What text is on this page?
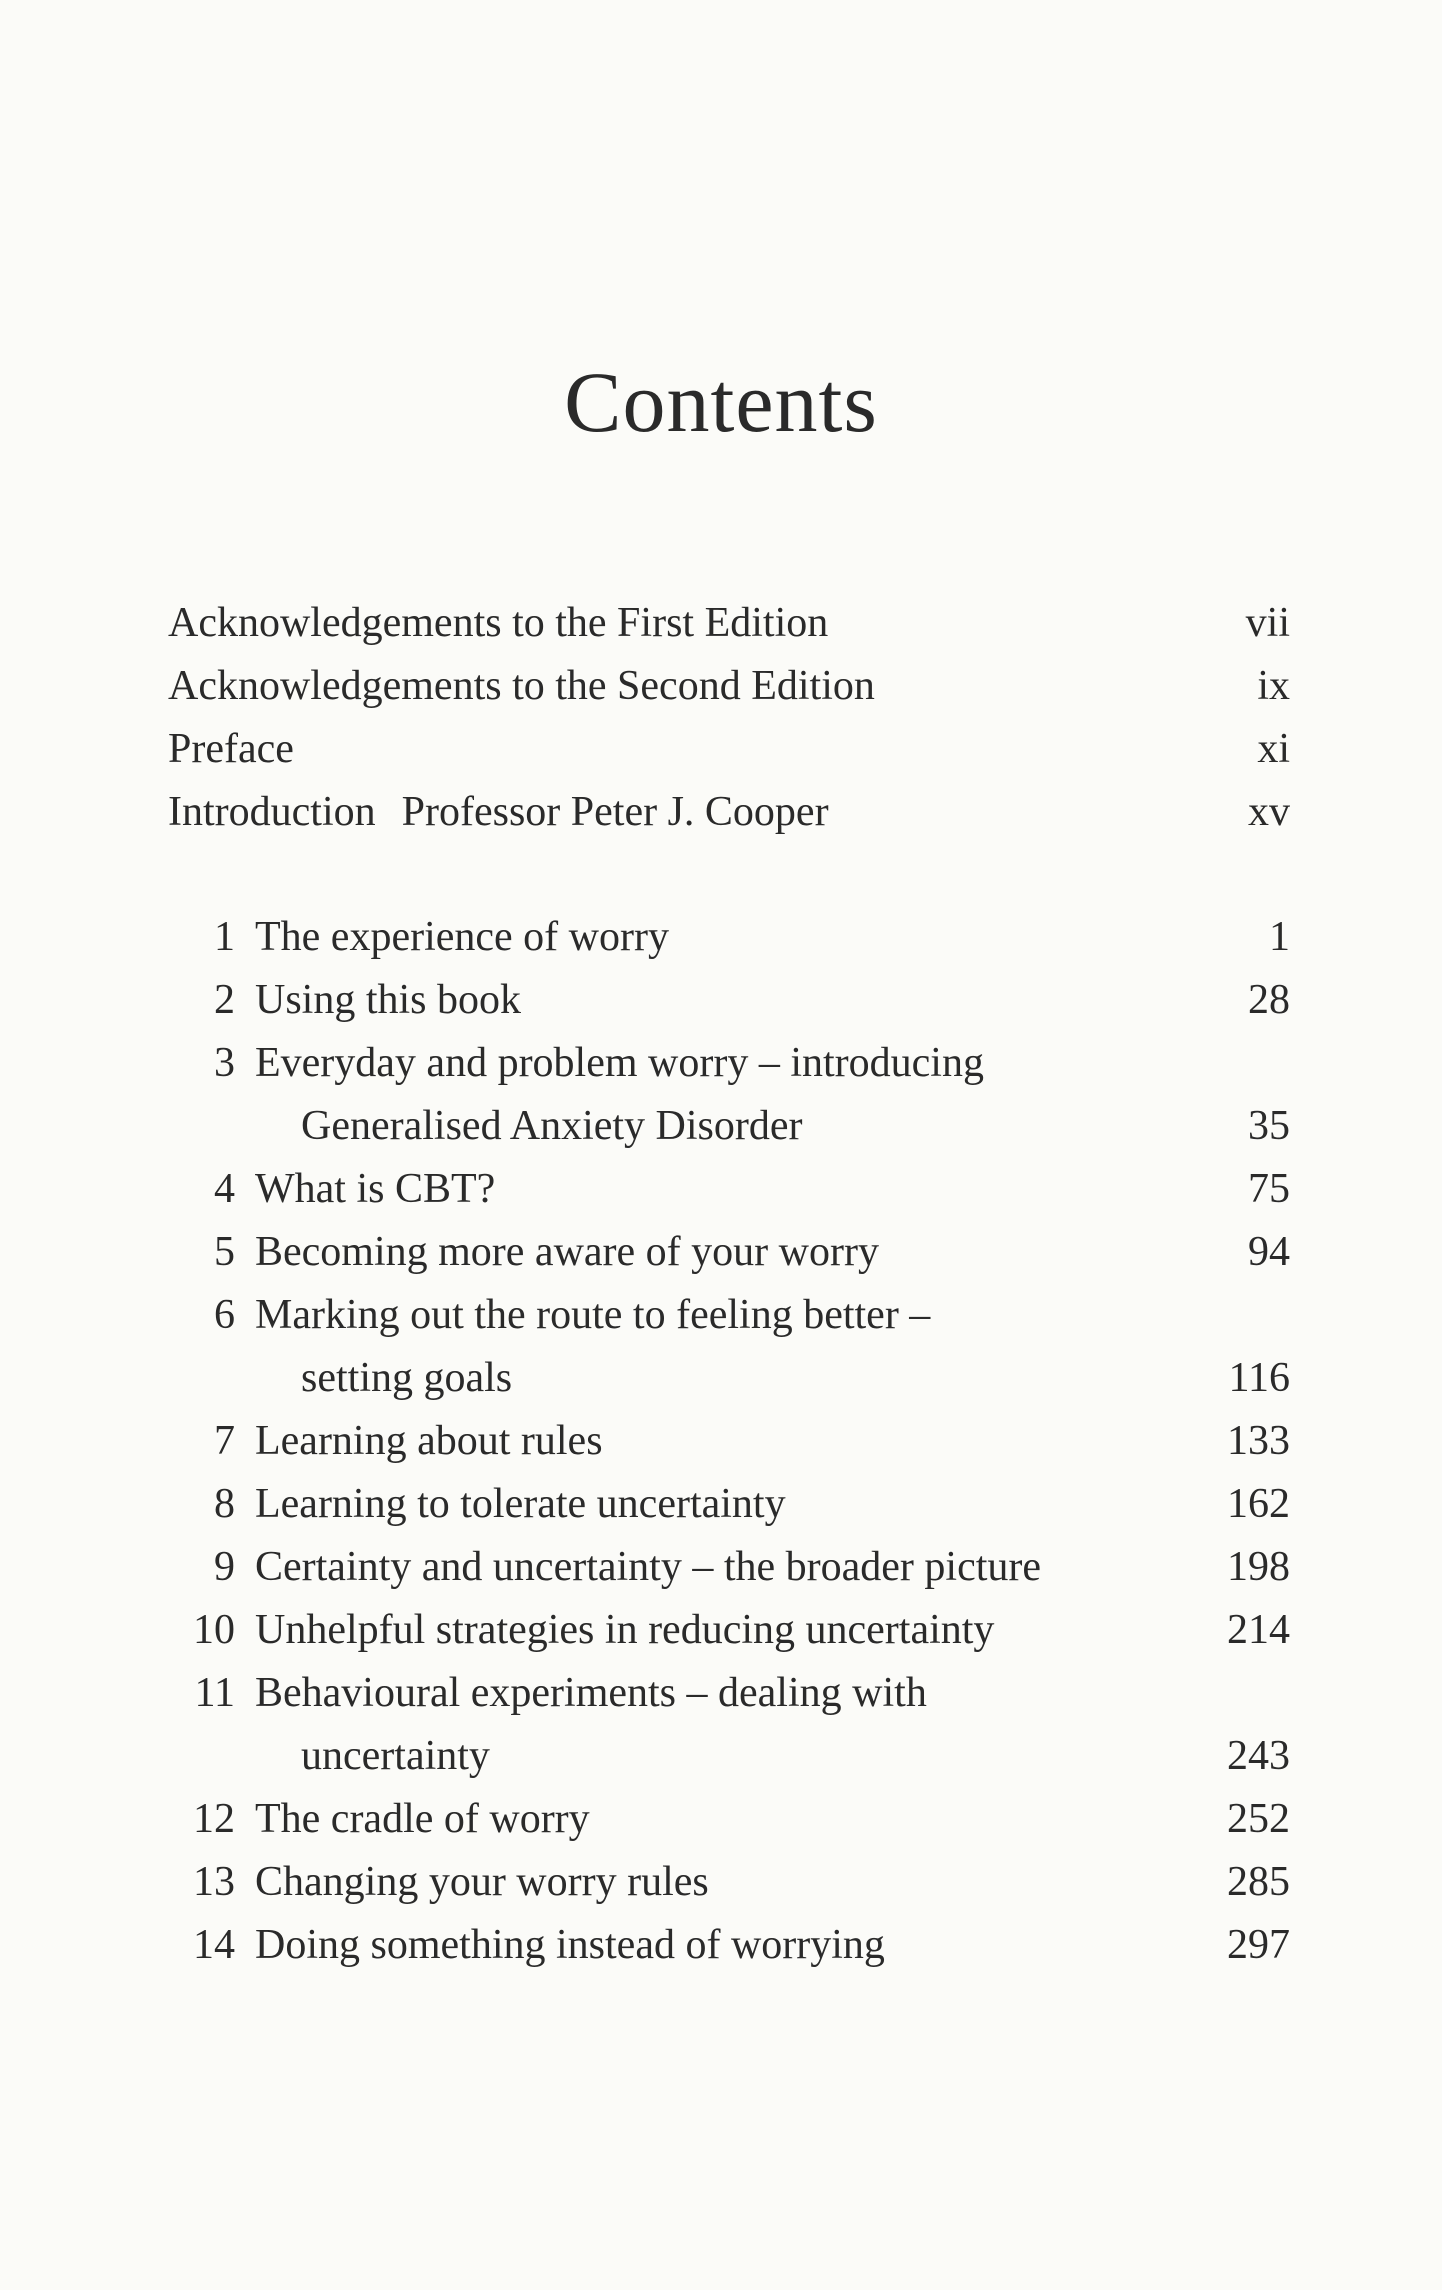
Contents
Acknowledgements to the First Edition	vii
Acknowledgements to the Second Edition	ix
Preface	xi
Introduction Professor Peter J. Cooper	xv
1 The experience of worry	1
2 Using this book	28
3 Everyday and problem worry – introducing
Generalised Anxiety Disorder	35
4 What is CBT?	75
5 Becoming more aware of your worry	94
6 Marking out the route to feeling better –
setting goals	116
7 Learning about rules	133
8 Learning to tolerate uncertainty	162
9 Certainty and uncertainty – the broader picture	198
10 Unhelpful strategies in reducing uncertainty	214
11 Behavioural experiments – dealing with
uncertainty	243
12 The cradle of worry	252
13 Changing your worry rules	285
14 Doing something instead of worrying	297
